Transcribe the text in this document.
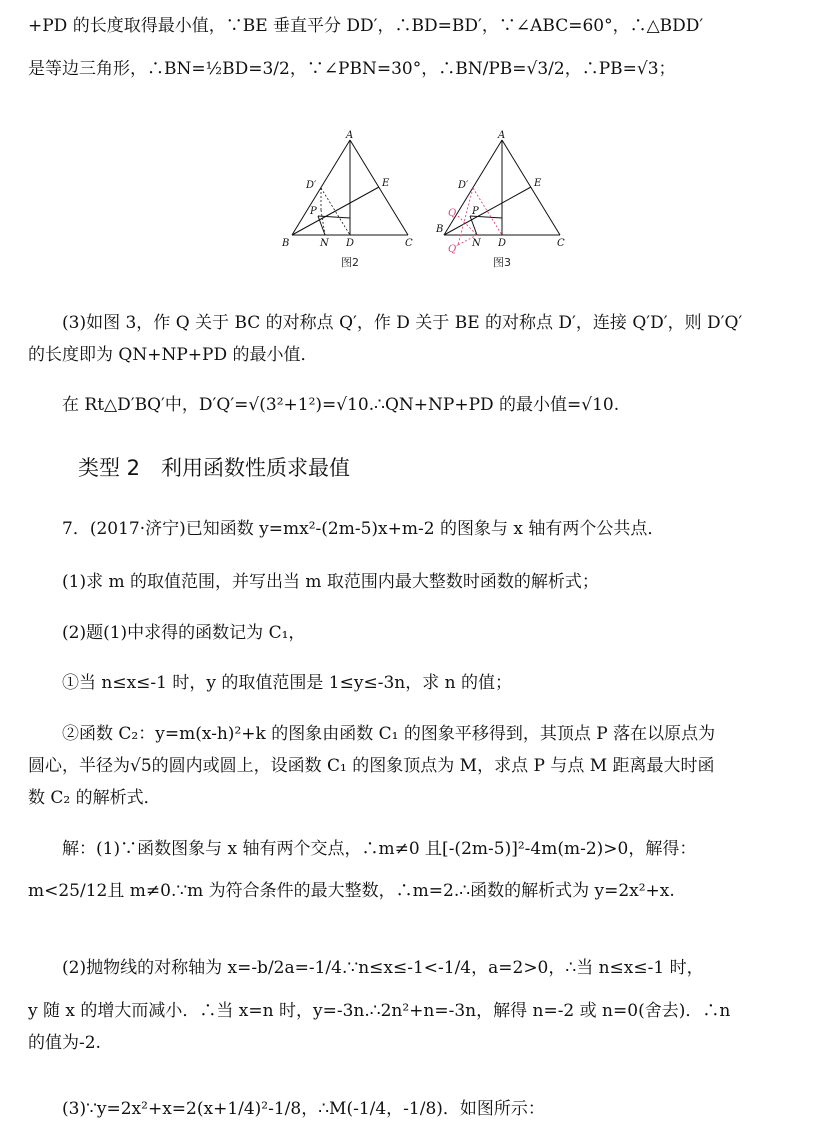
+PD 的长度取得最小值，∵BE 垂直平分 DD′，∴BD=BD′，∵∠ABC=60°，∴△BDD′
是等边三角形，∴BN=½BD=3/2，∵∠PBN=30°，∴BN/PB=√3/2，∴PB=√3；
A
B	C
D
E
N
P
D′
图2
A
B
C
D
E
N
P
D′
Q
Q′
图3
(3)如图 3，作 Q 关于 BC 的对称点 Q′，作 D 关于 BE 的对称点 D′，连接 Q′D′，则 D′Q′
的长度即为 QN+NP+PD 的最小值．
在 Rt△D′BQ′中，D′Q′=√(3²+1²)=√10.∴QN+NP+PD 的最小值=√10.
类型 2　利用函数性质求最值
7．(2017·济宁)已知函数 y=mx²-(2m-5)x+m-2 的图象与 x 轴有两个公共点．
(1)求 m 的取值范围，并写出当 m 取范围内最大整数时函数的解析式；
(2)题(1)中求得的函数记为 C₁，
①当 n≤x≤-1 时，y 的取值范围是 1≤y≤-3n，求 n 的值；
②函数 C₂：y=m(x-h)²+k 的图象由函数 C₁ 的图象平移得到，其顶点 P 落在以原点为
圆心，半径为√5的圆内或圆上，设函数 C₁ 的图象顶点为 M，求点 P 与点 M 距离最大时函
数 C₂ 的解析式．
解：(1)∵函数图象与 x 轴有两个交点，∴m≠0 且[-(2m-5)]²-4m(m-2)>0，解得：
m<25/12且 m≠0.∵m 为符合条件的最大整数，∴m=2.∴函数的解析式为 y=2x²+x.
(2)抛物线的对称轴为 x=-b/2a=-1/4.∵n≤x≤-1<-1/4，a=2>0，∴当 n≤x≤-1 时，
y 随 x 的增大而减小．∴当 x=n 时，y=-3n.∴2n²+n=-3n，解得 n=-2 或 n=0(舍去)．∴n
的值为-2.
(3)∵y=2x²+x=2(x+1/4)²-1/8，∴M(-1/4，-1/8)．如图所示：
